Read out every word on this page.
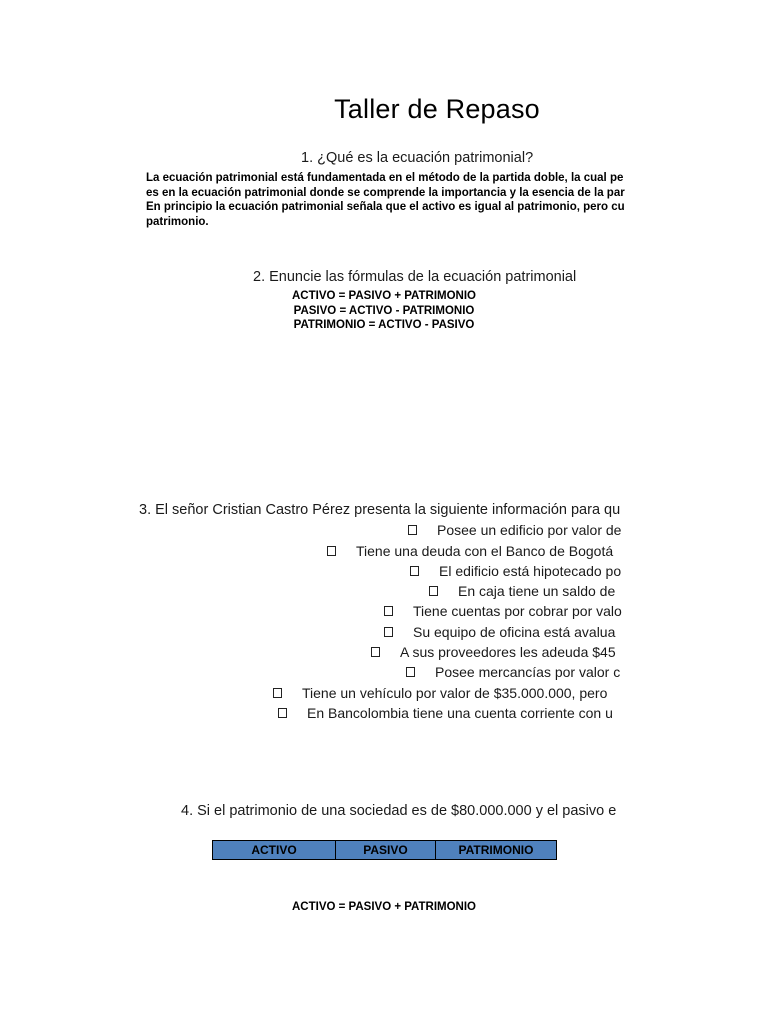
Taller de Repaso
1. ¿Qué es la ecuación patrimonial?
La ecuación patrimonial está fundamentada en el método de la partida doble, la cual pe
es en la ecuación patrimonial donde se comprende la importancia y la esencia de la par
En principio la ecuación patrimonial señala que el activo es igual al patrimonio, pero cu
patrimonio.
2. Enuncie las fórmulas de la ecuación patrimonial
ACTIVO = PASIVO + PATRIMONIO
PASIVO = ACTIVO - PATRIMONIO
PATRIMONIO = ACTIVO - PASIVO
3. El señor Cristian Castro Pérez presenta la siguiente información para qu
Posee un edificio por valor de
Tiene una deuda con el Banco de Bogotá
El edificio está hipotecado po
En caja tiene un saldo de
Tiene cuentas por cobrar por valo
Su equipo de oficina está avalua
A sus proveedores les adeuda $45
Posee mercancías por valor c
Tiene un vehículo por valor de $35.000.000, pero
En Bancolombia tiene una cuenta corriente con u
4. Si el patrimonio de una sociedad es de $80.000.000 y el pasivo e
ACTIVO	PASIVO	PATRIMONIO
ACTIVO = PASIVO + PATRIMONIO
